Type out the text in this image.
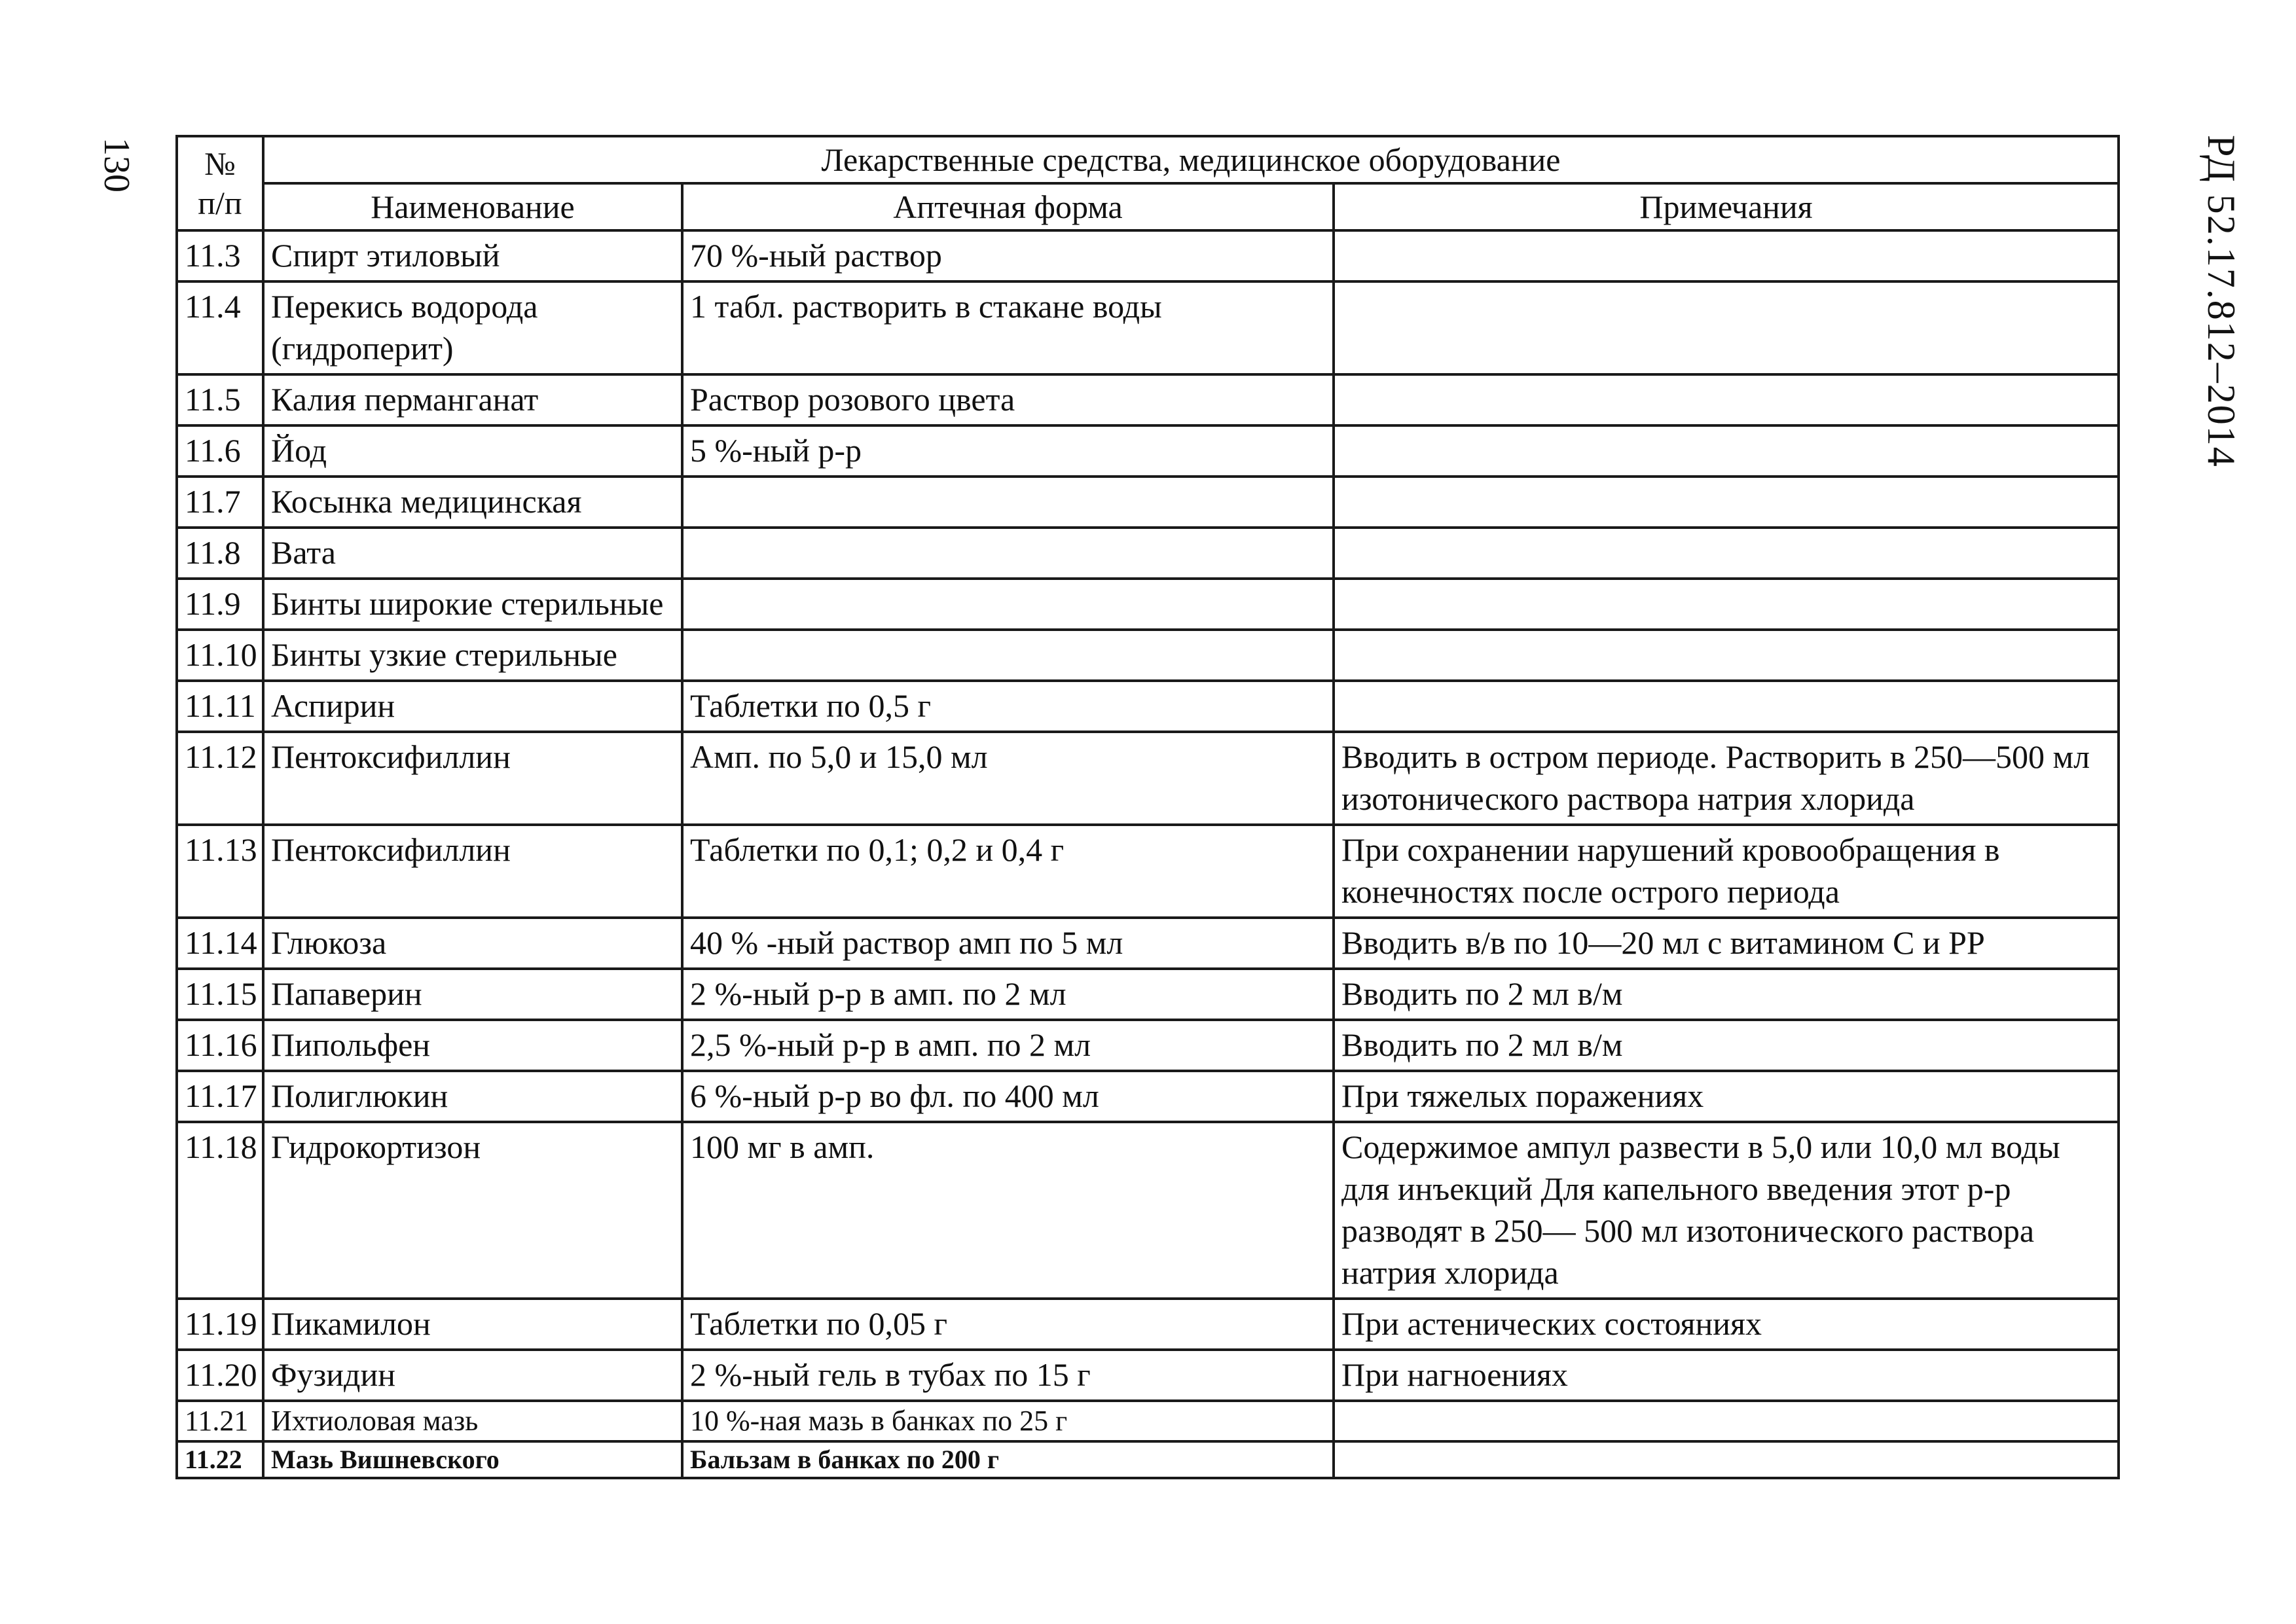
130	РД 52.17.812–2014
№
п/п	Лекарственные средства, медицинское оборудование		
	Наименование	Аптечная форма	Примечания
11.3	Спирт этиловый	70 %-ный раствор	
11.4	Перекись водорода (гидроперит)	1 табл. растворить в стакане воды	
11.5	Калия перманганат	Раствор розового цвета	
11.6	Йод	5 %-ный р-р	
11.7	Косынка медицинская		
11.8	Вата		
11.9	Бинты широкие стерильные		
11.10	Бинты узкие стерильные		
11.11	Аспирин	Таблетки по 0,5 г	
11.12	Пентоксифиллин	Амп. по 5,0 и 15,0 мл	Вводить в остром периоде. Растворить в 250—500 мл изотонического раствора натрия хлорида
11.13	Пентоксифиллин	Таблетки по 0,1; 0,2 и 0,4 г	При сохранении нарушений кровообращения в конечностях после острого периода
11.14	Глюкоза	40 % -ный раствор амп по 5 мл	Вводить в/в по 10—20 мл с витамином С и РР
11.15	Папаверин	2 %-ный р-р в амп. по 2 мл	Вводить по 2 мл в/м
11.16	Пипольфен	2,5 %-ный р-р в амп. по 2 мл	Вводить по 2 мл в/м
11.17	Полиглюкин	6 %-ный р-р во фл. по 400 мл	При тяжелых поражениях
11.18	Гидрокортизон	100 мг в амп.	Содержимое ампул развести в 5,0 или 10,0 мл воды для инъекций Для капельного введения этот р-р разводят в 250— 500 мл изотонического раствора натрия хлорида
11.19	Пикамилон	Таблетки по 0,05 г	При астенических состояниях
11.20	Фузидин	2 %-ный гель в тубах по 15 г	При нагноениях
11.21	Ихтиоловая мазь	10 %-ная мазь в банках по 25 г	
11.22	Мазь Вишневского	Бальзам в банках по 200 г	
